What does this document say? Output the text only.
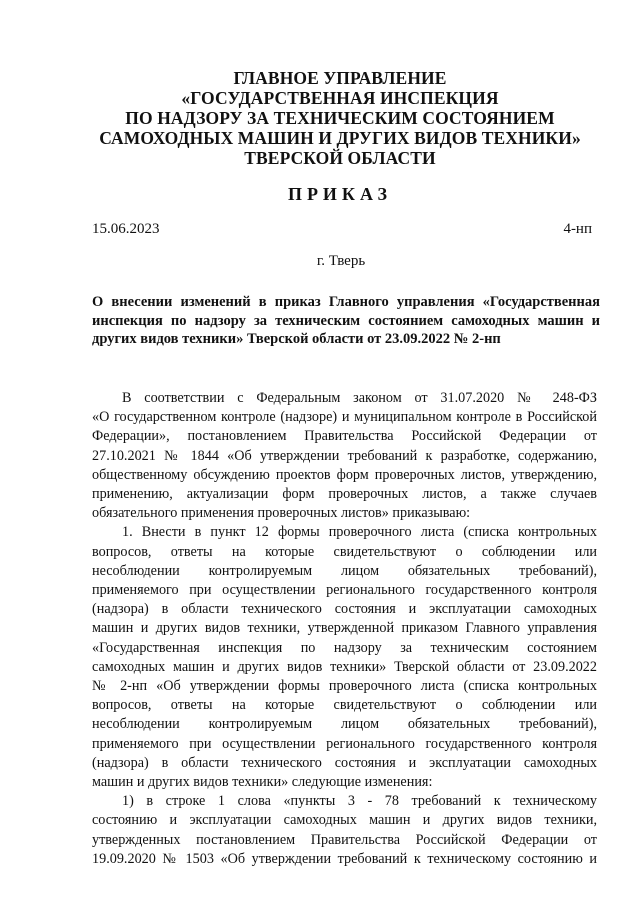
ГЛАВНОЕ УПРАВЛЕНИЕ
«ГОСУДАРСТВЕННАЯ ИНСПЕКЦИЯ
ПО НАДЗОРУ ЗА ТЕХНИЧЕСКИМ СОСТОЯНИЕМ
САМОХОДНЫХ МАШИН И ДРУГИХ ВИДОВ ТЕХНИКИ»
ТВЕРСКОЙ ОБЛАСТИ
ПРИКАЗ
15.06.2023	4-нп
г. Тверь
О внесении изменений в приказ Главного управления «Государственная
инспекция по надзору за техническим состоянием самоходных машин и
других видов техники» Тверской области от 23.09.2022 № 2-нп
В соответствии с Федеральным законом от 31.07.2020 № 248-ФЗ
«О государственном контроле (надзоре) и муниципальном контроле в Российской
Федерации», постановлением Правительства Российской Федерации от
27.10.2021 № 1844 «Об утверждении требований к разработке, содержанию,
общественному обсуждению проектов форм проверочных листов, утверждению,
применению, актуализации форм проверочных листов, а также случаев
обязательного применения проверочных листов» приказываю:
1. Внести в пункт 12 формы проверочного листа (списка контрольных
вопросов, ответы на которые свидетельствуют о соблюдении или
несоблюдении контролируемым лицом обязательных требований),
применяемого при осуществлении регионального государственного контроля
(надзора) в области технического состояния и эксплуатации самоходных
машин и других видов техники, утвержденной приказом Главного управления
«Государственная инспекция по надзору за техническим состоянием
самоходных машин и других видов техники» Тверской области от 23.09.2022
№ 2-нп «Об утверждении формы проверочного листа (списка контрольных
вопросов, ответы на которые свидетельствуют о соблюдении или
несоблюдении контролируемым лицом обязательных требований),
применяемого при осуществлении регионального государственного контроля
(надзора) в области технического состояния и эксплуатации самоходных
машин и других видов техники» следующие изменения:
1) в строке 1 слова «пункты 3 - 78 требований к техническому
состоянию и эксплуатации самоходных машин и других видов техники,
утвержденных постановлением Правительства Российской Федерации от
19.09.2020 № 1503 «Об утверждении требований к техническому состоянию и
